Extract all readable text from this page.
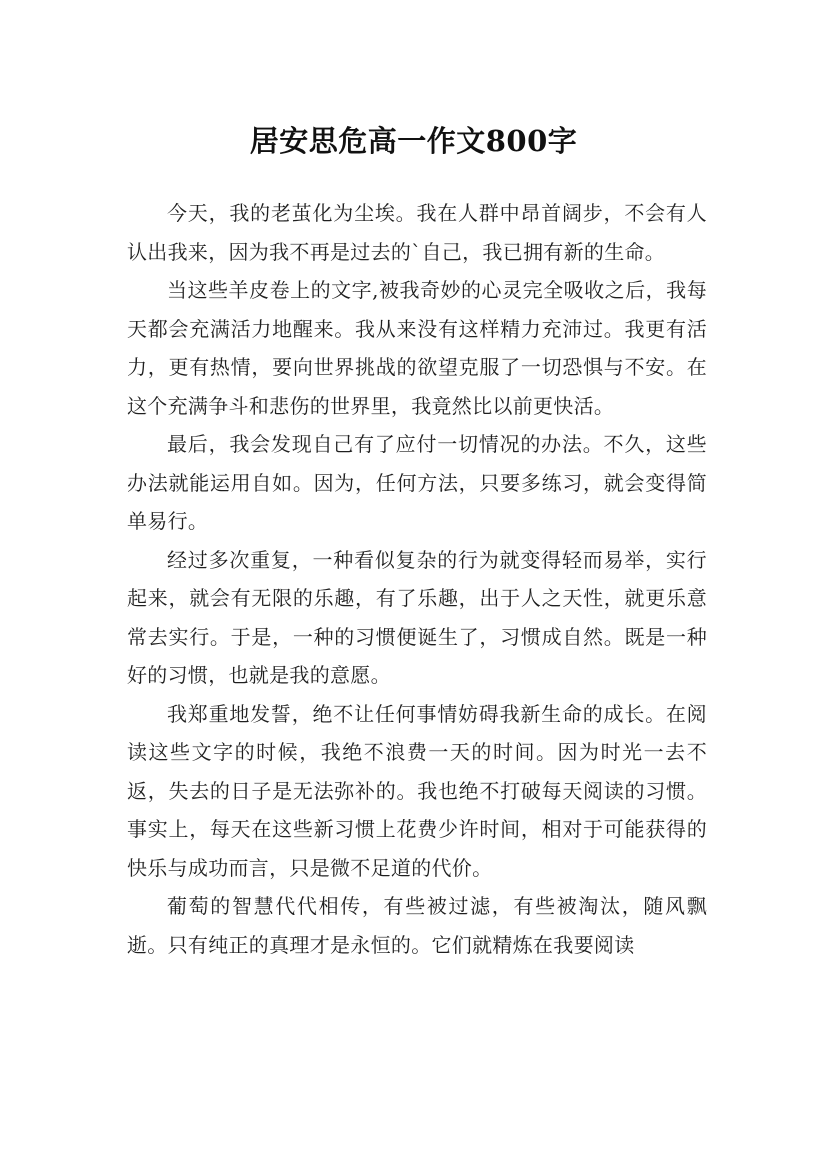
居安思危高一作文800字

今天，我的老茧化为尘埃。我在人群中昂首阔步，不会有人认出我来，因为我不再是过去的`自己，我已拥有新的生命。

当这些羊皮卷上的文字,被我奇妙的心灵完全吸收之后，我每天都会充满活力地醒来。我从来没有这样精力充沛过。我更有活力，更有热情，要向世界挑战的欲望克服了一切恐惧与不安。在这个充满争斗和悲伤的世界里，我竟然比以前更快活。

最后，我会发现自己有了应付一切情况的办法。不久，这些办法就能运用自如。因为，任何方法，只要多练习，就会变得简单易行。

经过多次重复，一种看似复杂的行为就变得轻而易举，实行起来，就会有无限的乐趣，有了乐趣，出于人之天性，就更乐意常去实行。于是，一种的习惯便诞生了，习惯成自然。既是一种好的习惯，也就是我的意愿。

我郑重地发誓，绝不让任何事情妨碍我新生命的成长。在阅读这些文字的时候，我绝不浪费一天的时间。因为时光一去不返，失去的日子是无法弥补的。我也绝不打破每天阅读的习惯。事实上，每天在这些新习惯上花费少许时间，相对于可能获得的快乐与成功而言，只是微不足道的代价。

葡萄的智慧代代相传，有些被过滤，有些被淘汰，随风飘逝。只有纯正的真理才是永恒的。它们就精炼在我要阅读
